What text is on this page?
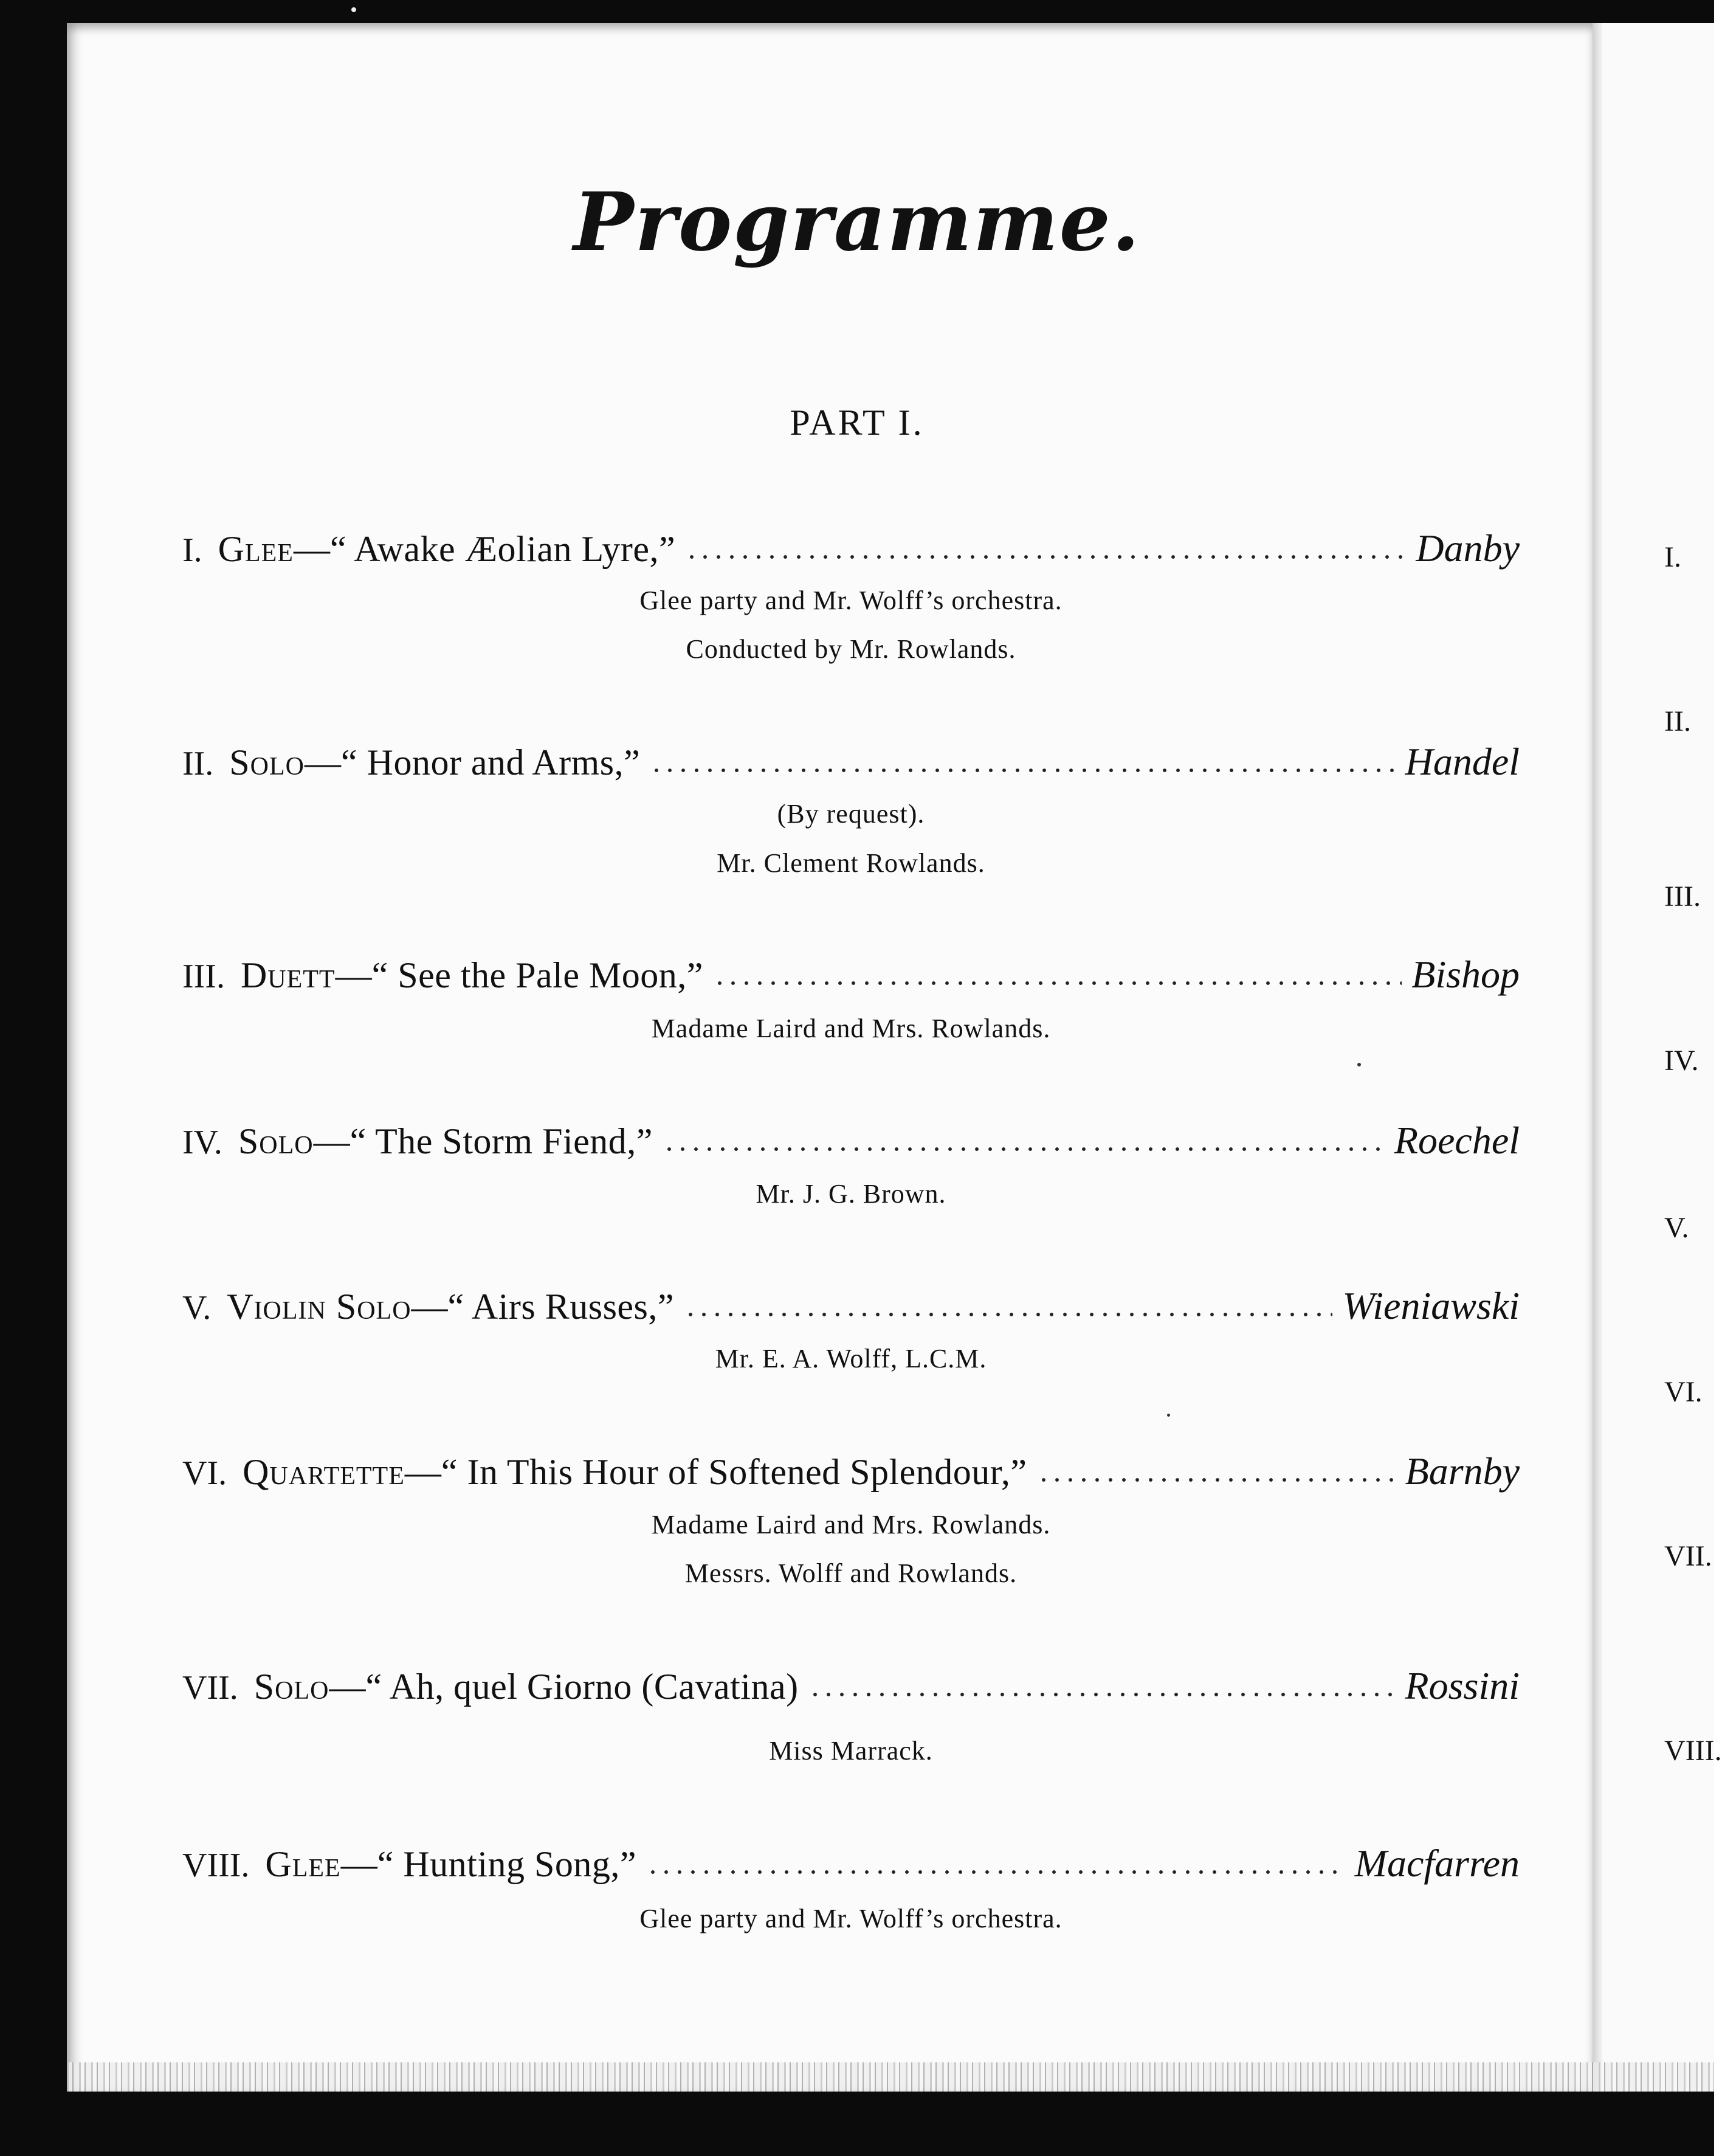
Programme.
PART I.
I. Glee — “ Awake Æolian Lyre,”	Danby
Glee party and Mr. Wolff’s orchestra.
Conducted by Mr. Rowlands.
II. Solo — “ Honor and Arms,”	Handel
(By request).
Mr. Clement Rowlands.
III. Duett — “ See the Pale Moon,”	Bishop
Madame Laird and Mrs. Rowlands.
IV. Solo — “ The Storm Fiend,”	Roechel
Mr. J. G. Brown.
V. Violin Solo — “ Airs Russes,”	Wieniawski
Mr. E. A. Wolff, L.C.M.
VI. Quartette — “ In This Hour of Softened Splendour,”	Barnby
Madame Laird and Mrs. Rowlands.
Messrs. Wolff and Rowlands.
VII. Solo — “ Ah, quel Giorno (Cavatina)	Rossini
Miss Marrack.
VIII. Glee — “ Hunting Song,”	Macfarren
Glee party and Mr. Wolff’s orchestra.
I.
II.
III.
IV.
V.
VI.
VII.
VIII.
